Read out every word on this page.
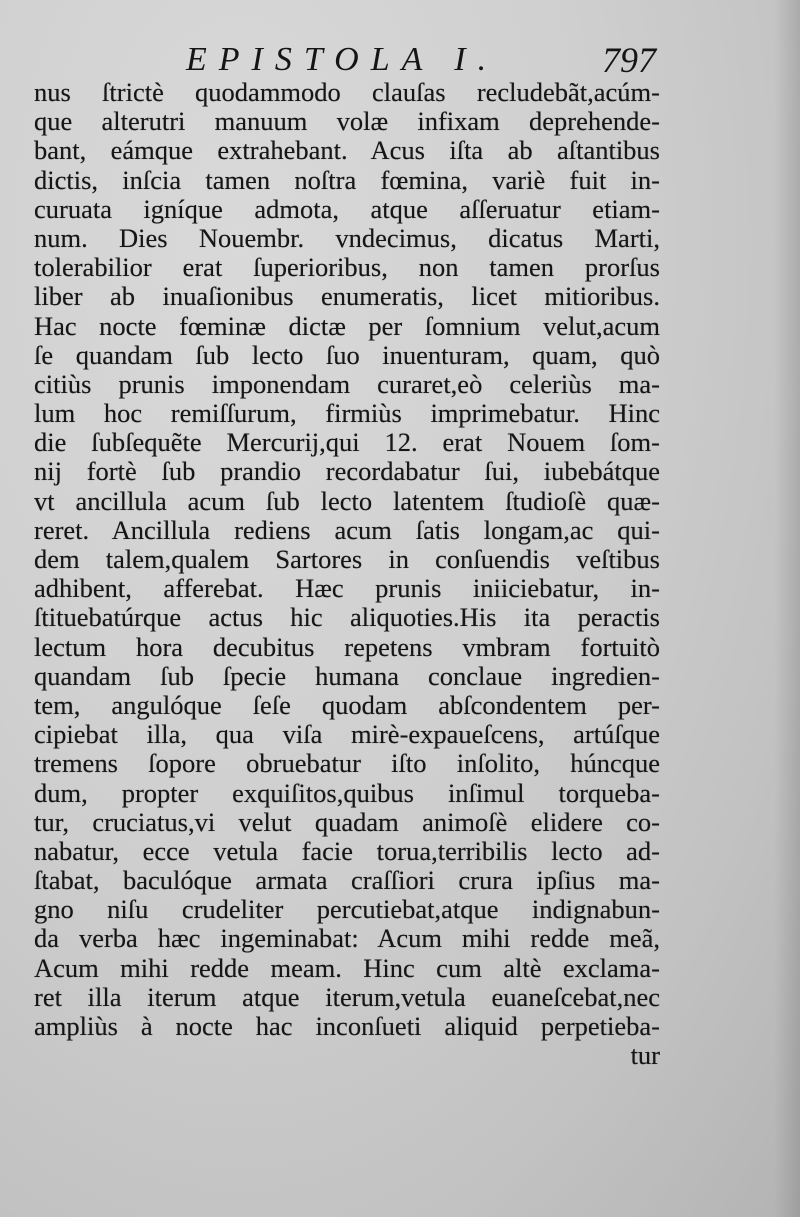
EPISTOLA I.	797
nus ſtrictè quodammodo clauſas recludebãt,acúm-
que alterutri manuum volæ infixam deprehende-
bant, eámque extrahebant. Acus iſta ab aſtantibus
dictis, inſcia tamen noſtra fœmina, variè fuit in-
curuata igníque admota, atque aſſeruatur etiam-
num. Dies Nouembr. vndecimus, dicatus Marti,
tolerabilior erat ſuperioribus, non tamen prorſus
liber ab inuaſionibus enumeratis, licet mitioribus.
Hac nocte fœminæ dictæ per ſomnium velut,acum
ſe quandam ſub lecto ſuo inuenturam, quam, quò
citiùs prunis imponendam curaret,eò celeriùs ma-
lum hoc remiſſurum, firmiùs imprimebatur. Hinc
die ſubſequẽte Mercurij,qui 12. erat Nouem ſom-
nij fortè ſub prandio recordabatur ſui, iubebátque
vt ancillula acum ſub lecto latentem ſtudioſè quæ-
reret. Ancillula rediens acum ſatis longam,ac qui-
dem talem,qualem Sartores in conſuendis veſtibus
adhibent, afferebat. Hæc prunis iniiciebatur, in-
ſtituebatúrque actus hic aliquoties.His ita peractis
lectum hora decubitus repetens vmbram fortuitò
quandam ſub ſpecie humana conclaue ingredien-
tem, angulóque ſeſe quodam abſcondentem per-
cipiebat illa, qua viſa mirè-expaueſcens, artúſque
tremens ſopore obruebatur iſto inſolito, húncque
dum, propter exquiſitos,quibus inſimul torqueba-
tur, cruciatus,vi velut quadam animoſè elidere co-
nabatur, ecce vetula facie torua,terribilis lecto ad-
ſtabat, baculóque armata craſſiori crura ipſius ma-
gno niſu crudeliter percutiebat,atque indignabun-
da verba hæc ingeminabat: Acum mihi redde meã,
Acum mihi redde meam. Hinc cum altè exclama-
ret illa iterum atque iterum,vetula euaneſcebat,nec
ampliùs à nocte hac inconſueti aliquid perpetieba-
tur
